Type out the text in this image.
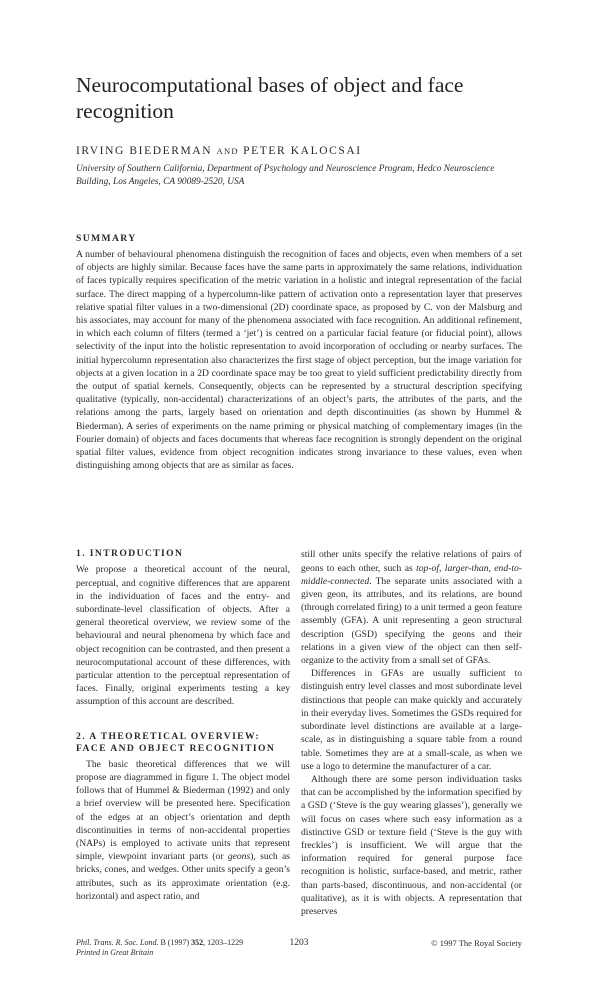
Neurocomputational bases of object and face recognition
IRVING BIEDERMAN AND PETER KALOCSAI
University of Southern California, Department of Psychology and Neuroscience Program, Hedco Neuroscience Building, Los Angeles, CA 90089-2520, USA
SUMMARY

A number of behavioural phenomena distinguish the recognition of faces and objects, even when members of a set of objects are highly similar. Because faces have the same parts in approximately the same relations, individuation of faces typically requires specification of the metric variation in a holistic and integral representation of the facial surface. The direct mapping of a hypercolumn-like pattern of activation onto a representation layer that preserves relative spatial filter values in a two-dimensional (2D) coordinate space, as proposed by C. von der Malsburg and his associates, may account for many of the phenomena associated with face recognition. An additional refinement, in which each column of filters (termed a ‘jet’) is centred on a particular facial feature (or fiducial point), allows selectivity of the input into the holistic representation to avoid incorporation of occluding or nearby surfaces. The initial hypercolumn representation also characterizes the first stage of object perception, but the image variation for objects at a given location in a 2D coordinate space may be too great to yield sufficient predictability directly from the output of spatial kernels. Consequently, objects can be represented by a structural description specifying qualitative (typically, non-accidental) characterizations of an object’s parts, the attributes of the parts, and the relations among the parts, largely based on orientation and depth discontinuities (as shown by Hummel & Biederman). A series of experiments on the name priming or physical matching of complementary images (in the Fourier domain) of objects and faces documents that whereas face recognition is strongly dependent on the original spatial filter values, evidence from object recognition indicates strong invariance to these values, even when distinguishing among objects that are as similar as faces.

1. INTRODUCTION

We propose a theoretical account of the neural, perceptual, and cognitive differences that are apparent in the individuation of faces and the entry- and subordinate-level classification of objects. After a general theoretical overview, we review some of the behavioural and neural phenomena by which face and object recognition can be contrasted, and then present a neurocomputational account of these differences, with particular attention to the perceptual representation of faces. Finally, original experiments testing a key assumption of this account are described.

2. A THEORETICAL OVERVIEW: FACE AND OBJECT RECOGNITION

The basic theoretical differences that we will propose are diagrammed in figure 1. The object model follows that of Hummel & Biederman (1992) and only a brief overview will be presented here. Specification of the edges at an object’s orientation and depth discontinuities in terms of non-accidental properties (NAPs) is employed to activate units that represent simple, viewpoint invariant parts (or geons), such as bricks, cones, and wedges. Other units specify a geon’s attributes, such as its approximate orientation (e.g. horizontal) and aspect ratio, and

still other units specify the relative relations of pairs of geons to each other, such as top-of, larger-than, end-to-middle-connected. The separate units associated with a given geon, its attributes, and its relations, are bound (through correlated firing) to a unit termed a geon feature assembly (GFA). A unit representing a geon structural description (GSD) specifying the geons and their relations in a given view of the object can then self-organize to the activity from a small set of GFAs.

Differences in GFAs are usually sufficient to distinguish entry level classes and most subordinate level distinctions that people can make quickly and accurately in their everyday lives. Sometimes the GSDs required for subordinate level distinctions are available at a large-scale, as in distinguishing a square table from a round table. Sometimes they are at a small-scale, as when we use a logo to determine the manufacturer of a car.

Although there are some person individuation tasks that can be accomplished by the information specified by a GSD (‘Steve is the guy wearing glasses’), generally we will focus on cases where such easy information as a distinctive GSD or texture field (‘Steve is the guy with freckles’) is insufficient. We will argue that the information required for general purpose face recognition is holistic, surface-based, and metric, rather than parts-based, discontinuous, and non-accidental (or qualitative), as it is with objects. A representation that preserves

Phil. Trans. R. Soc. Lond. B (1997) 352, 1203–1229
Printed in Great Britain
1203	© 1997 The Royal Society
